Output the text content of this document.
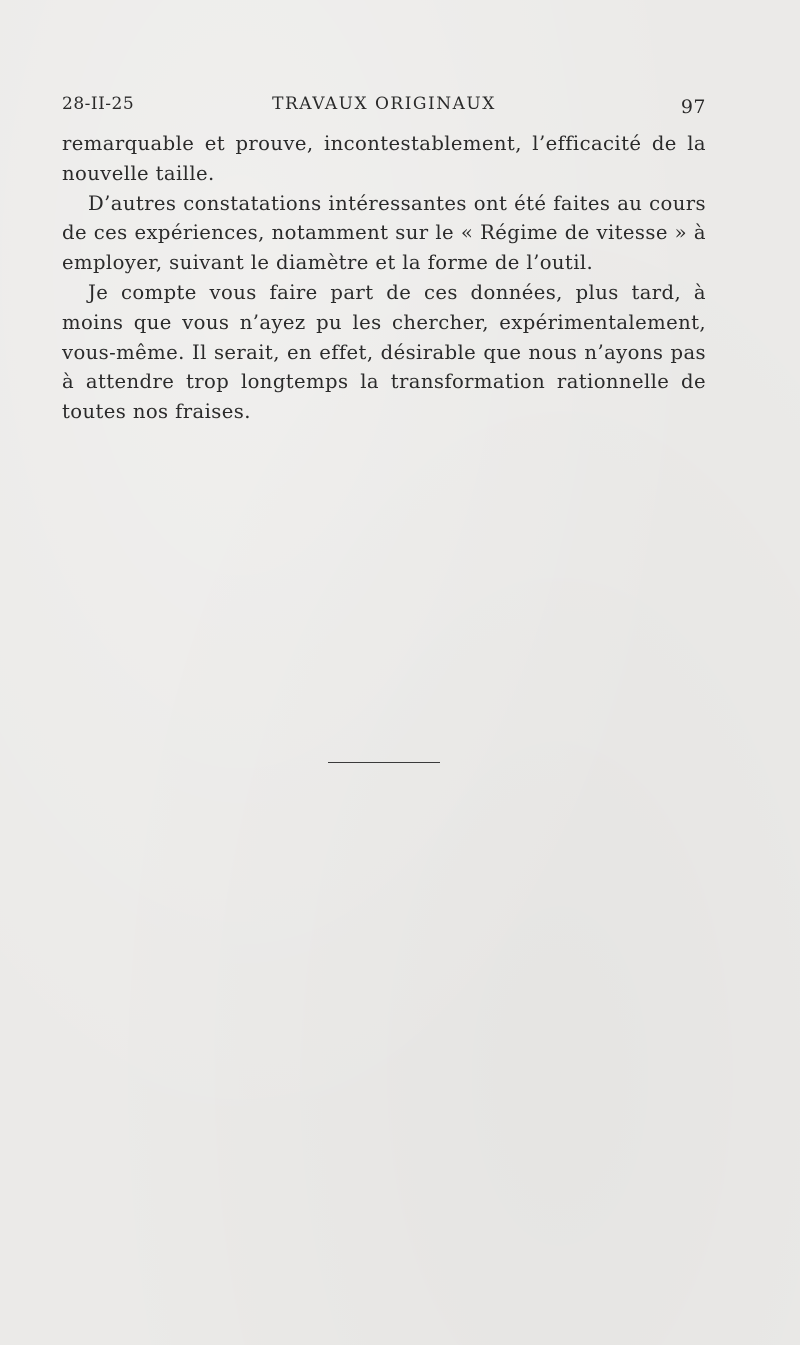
28-II-25	TRAVAUX ORIGINAUX	97

remarquable et prouve, incontestablement, l’efficacité de la nouvelle taille.

D’autres constatations intéressantes ont été faites au cours de ces expériences, notamment sur le « Régime de vitesse » à employer, suivant le diamètre et la forme de l’outil.

Je compte vous faire part de ces données, plus tard, à moins que vous n’ayez pu les chercher, expérimentalement, vous-même. Il serait, en effet, désirable que nous n’ayons pas à attendre trop longtemps la transformation rationnelle de toutes nos fraises.
